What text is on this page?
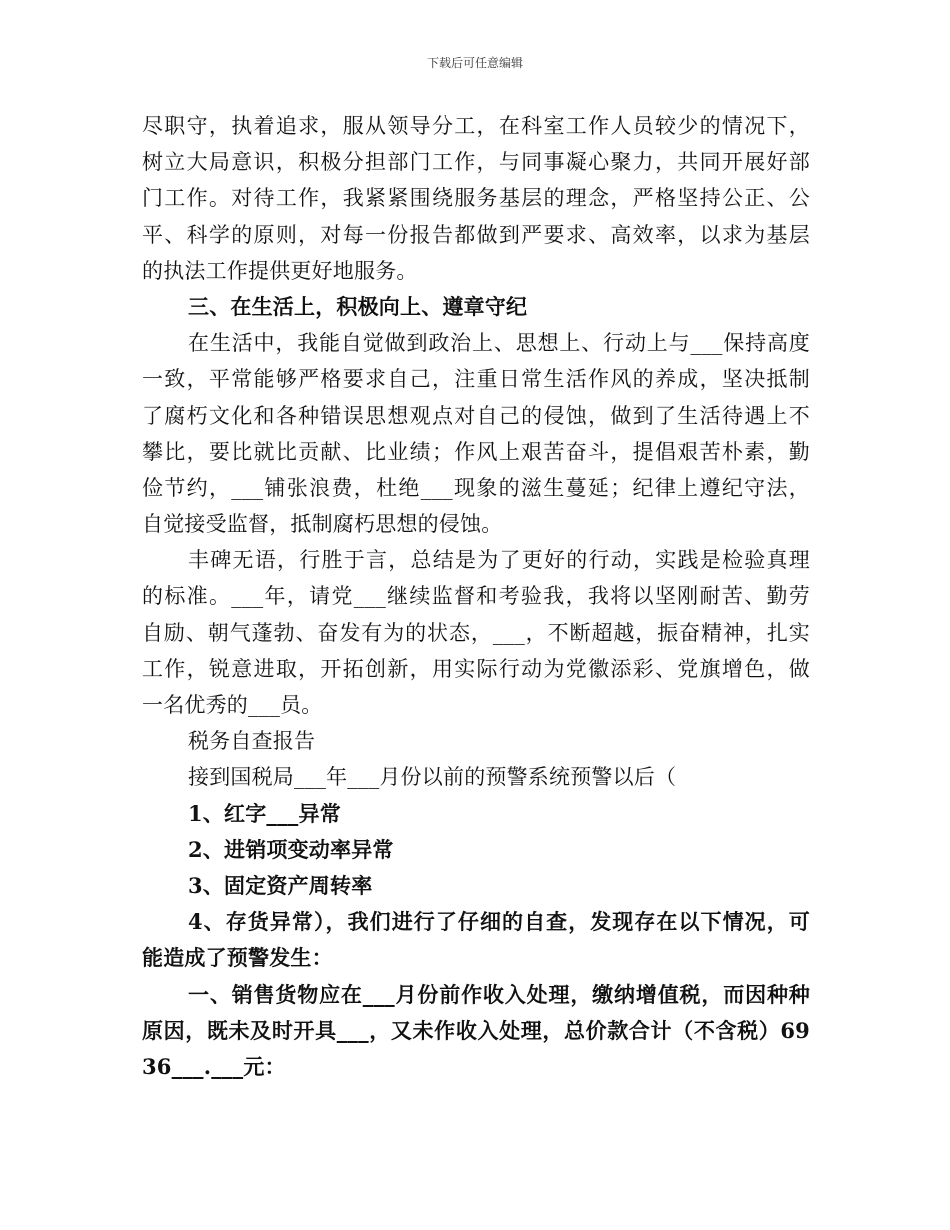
下载后可任意编辑
尽职守，执着追求，服从领导分工，在科室工作人员较少的情况下，
树立大局意识，积极分担部门工作，与同事凝心聚力，共同开展好部
门工作。对待工作，我紧紧围绕服务基层的理念，严格坚持公正、公
平、科学的原则，对每一份报告都做到严要求、高效率，以求为基层
的执法工作提供更好地服务。
三、在生活上，积极向上、遵章守纪
在生活中，我能自觉做到政治上、思想上、行动上与___保持高度
一致，平常能够严格要求自己，注重日常生活作风的养成，坚决抵制
了腐朽文化和各种错误思想观点对自己的侵蚀，做到了生活待遇上不
攀比，要比就比贡献、比业绩；作风上艰苦奋斗，提倡艰苦朴素，勤
俭节约，___铺张浪费，杜绝___现象的滋生蔓延；纪律上遵纪守法，
自觉接受监督，抵制腐朽思想的侵蚀。
丰碑无语，行胜于言，总结是为了更好的行动，实践是检验真理
的标准。___年，请党___继续监督和考验我，我将以坚刚耐苦、勤劳
自励、朝气蓬勃、奋发有为的状态，___，不断超越，振奋精神，扎实
工作，锐意进取，开拓创新，用实际行动为党徽添彩、党旗增色，做
一名优秀的___员。
税务自查报告
接到国税局___年___月份以前的预警系统预警以后（
1、红字___异常
2、进销项变动率异常
3、固定资产周转率
4、存货异常），我们进行了仔细的自查，发现存在以下情况，可
能造成了预警发生：
一、销售货物应在___月份前作收入处理，缴纳增值税，而因种种
原因，既未及时开具___，又未作收入处理，总价款合计（不含税）69
36___.___元：
